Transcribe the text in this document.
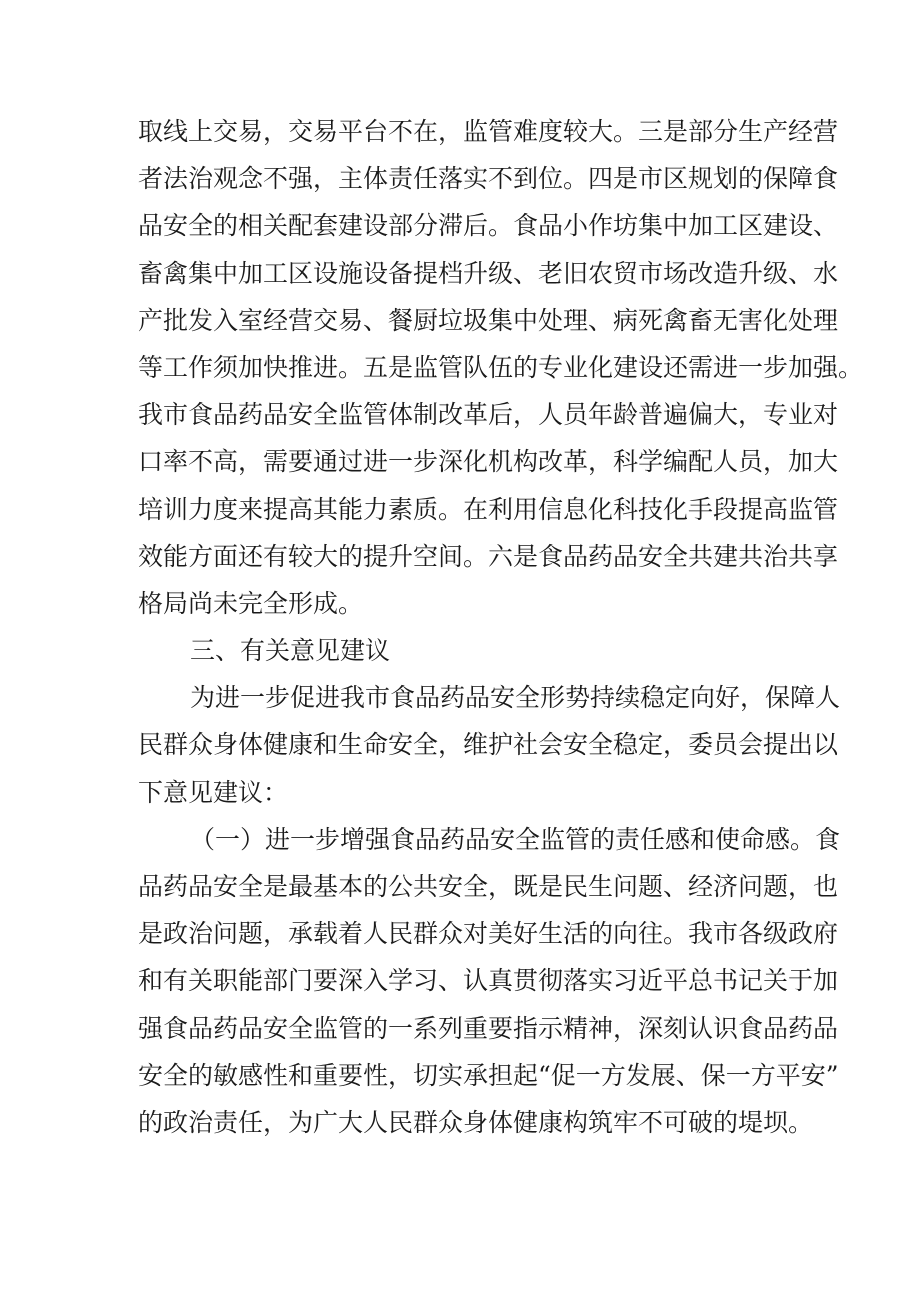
取线上交易，交易平台不在，监管难度较大。三是部分生产经营
者法治观念不强，主体责任落实不到位。四是市区规划的保障食
品安全的相关配套建设部分滞后。食品小作坊集中加工区建设、
畜禽集中加工区设施设备提档升级、老旧农贸市场改造升级、水
产批发入室经营交易、餐厨垃圾集中处理、病死禽畜无害化处理
等工作须加快推进。五是监管队伍的专业化建设还需进一步加强。
我市食品药品安全监管体制改革后，人员年龄普遍偏大，专业对
口率不高，需要通过进一步深化机构改革，科学编配人员，加大
培训力度来提高其能力素质。在利用信息化科技化手段提高监管
效能方面还有较大的提升空间。六是食品药品安全共建共治共享
格局尚未完全形成。
三、有关意见建议
为进一步促进我市食品药品安全形势持续稳定向好，保障人
民群众身体健康和生命安全，维护社会安全稳定，委员会提出以
下意见建议：
（一）进一步增强食品药品安全监管的责任感和使命感。食
品药品安全是最基本的公共安全，既是民生问题、经济问题，也
是政治问题，承载着人民群众对美好生活的向往。我市各级政府
和有关职能部门要深入学习、认真贯彻落实习近平总书记关于加
强食品药品安全监管的一系列重要指示精神，深刻认识食品药品
安全的敏感性和重要性，切实承担起“促一方发展、保一方平安”
的政治责任，为广大人民群众身体健康构筑牢不可破的堤坝。
